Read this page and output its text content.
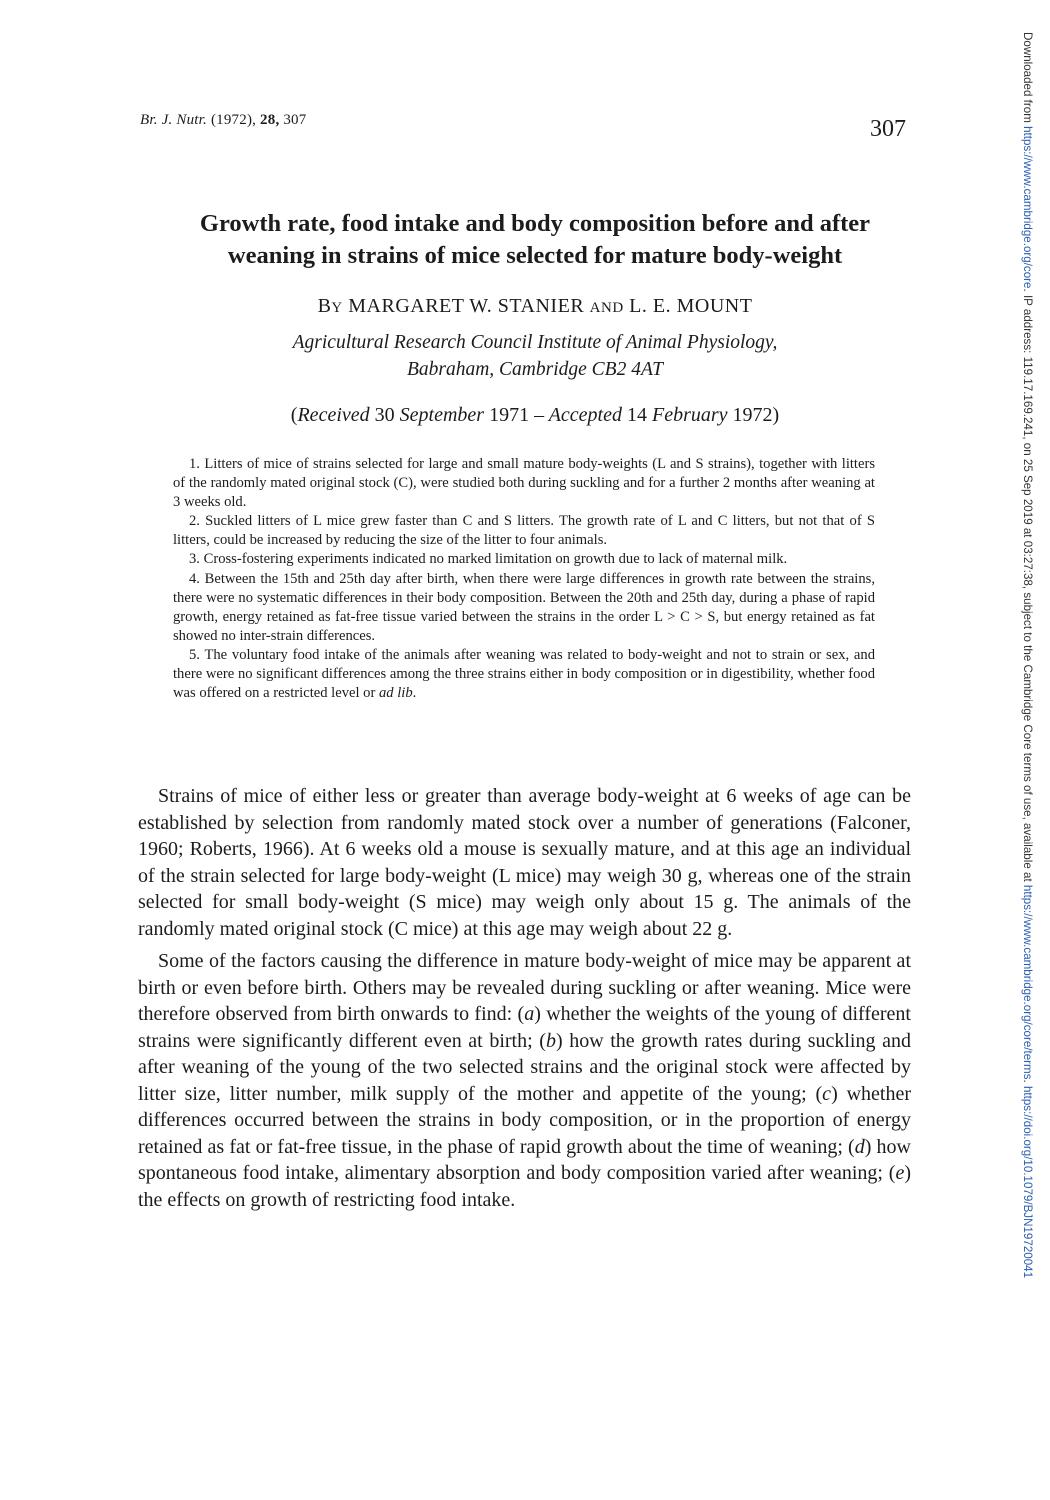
Br. J. Nutr. (1972), 28, 307	307
Growth rate, food intake and body composition before and after
weaning in strains of mice selected for mature body-weight
BY MARGARET W. STANIER AND L. E. MOUNT
Agricultural Research Council Institute of Animal Physiology,
Babraham, Cambridge CB2 4AT
(Received 30 September 1971 – Accepted 14 February 1972)

1. Litters of mice of strains selected for large and small mature body-weights (L and S strains), together with litters of the randomly mated original stock (C), were studied both during suckling and for a further 2 months after weaning at 3 weeks old.

2. Suckled litters of L mice grew faster than C and S litters. The growth rate of L and C litters, but not that of S litters, could be increased by reducing the size of the litter to four animals.

3. Cross-fostering experiments indicated no marked limitation on growth due to lack of maternal milk.

4. Between the 15th and 25th day after birth, when there were large differences in growth rate between the strains, there were no systematic differences in their body composition. Between the 20th and 25th day, during a phase of rapid growth, energy retained as fat-free tissue varied between the strains in the order L > C > S, but energy retained as fat showed no inter-strain differences.

5. The voluntary food intake of the animals after weaning was related to body-weight and not to strain or sex, and there were no significant differences among the three strains either in body composition or in digestibility, whether food was offered on a restricted level or ad lib.

Strains of mice of either less or greater than average body-weight at 6 weeks of age can be established by selection from randomly mated stock over a number of generations (Falconer, 1960; Roberts, 1966). At 6 weeks old a mouse is sexually mature, and at this age an individual of the strain selected for large body-weight (L mice) may weigh 30 g, whereas one of the strain selected for small body-weight (S mice) may weigh only about 15 g. The animals of the randomly mated original stock (C mice) at this age may weigh about 22 g.

Some of the factors causing the difference in mature body-weight of mice may be apparent at birth or even before birth. Others may be revealed during suckling or after weaning. Mice were therefore observed from birth onwards to find: (a) whether the weights of the young of different strains were significantly different even at birth; (b) how the growth rates during suckling and after weaning of the young of the two selected strains and the original stock were affected by litter size, litter number, milk supply of the mother and appetite of the young; (c) whether differences occurred between the strains in body composition, or in the proportion of energy retained as fat or fat-free tissue, in the phase of rapid growth about the time of weaning; (d) how spontaneous food intake, alimentary absorption and body composition varied after weaning; (e) the effects on growth of restricting food intake.

Downloaded from https://www.cambridge.org/core. IP address: 119.17.169.241, on 25 Sep 2019 at 03:27:38, subject to the Cambridge Core terms of use, available at https://www.cambridge.org/core/terms. https://doi.org/10.1079/BJN19720041
